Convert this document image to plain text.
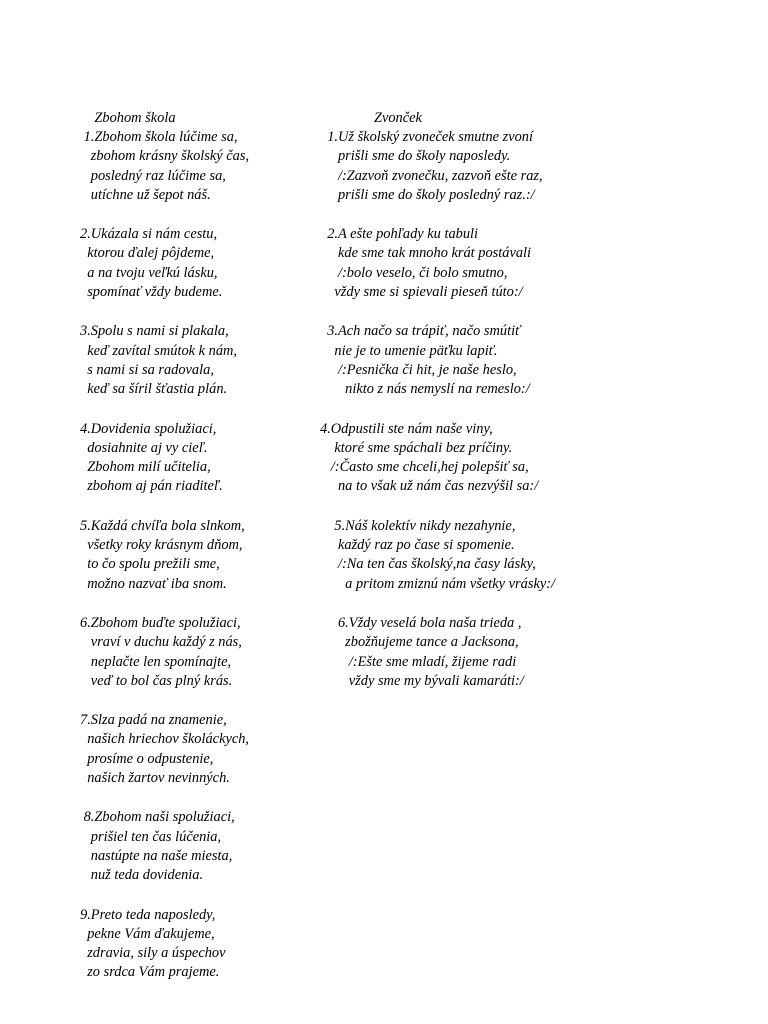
Zbohom škola
1.Zbohom škola lúčime sa,
zbohom krásny školský čas,
posledný raz lúčime sa,
utíchne už šepot náš.
2.Ukázala si nám cestu,
ktorou ďalej pôjdeme,
a na tvoju veľkú lásku,
spomínať vždy budeme.
3.Spolu s nami si plakala,
keď zavítal smútok k nám,
s nami si sa radovala,
keď sa šíril šťastia plán.
4.Dovidenia spolužiaci,
dosiahnite aj vy cieľ.
Zbohom milí učitelia,
zbohom aj pán riaditeľ.
5.Každá chvíľa bola slnkom,
všetky roky krásnym dňom,
to čo spolu prežili sme,
možno nazvať iba snom.
6.Zbohom buďte spolužiaci,
vraví v duchu každý z nás,
neplačte len spomínajte,
veď to bol čas plný krás.
7.Slza padá na znamenie,
našich hriechov školáckych,
prosíme o odpustenie,
našich žartov nevinných.
8.Zbohom naši spolužiaci,
prišiel ten čas lúčenia,
nastúpte na naše miesta,
nuž teda dovidenia.
9.Preto teda naposledy,
pekne Vám ďakujeme,
zdravia, sily a úspechov
zo srdca Vám prajeme.
Zvonček
1.Už školský zvoneček smutne zvoní
prišli sme do školy naposledy.
/:Zazvoň zvonečku, zazvoň ešte raz,
prišli sme do školy posledný raz.:/
2.A ešte pohľady ku tabuli
kde sme tak mnoho krát postávali
/:bolo veselo, či bolo smutno,
vždy sme si spievali pieseň túto:/
3.Ach načo sa trápiť, načo smútiť
nie je to umenie päťku lapiť.
/:Pesnička či hit, je naše heslo,
nikto z nás nemyslí na remeslo:/
4.Odpustili ste nám naše viny,
ktoré sme spáchali bez príčiny.
/:Často sme chceli,hej polepšiť sa,
na to však už nám čas nezvýšil sa:/
5.Náš kolektív nikdy nezahynie,
každý raz po čase si spomenie.
/:Na ten čas školský,na časy lásky,
a pritom zmiznú nám všetky vrásky:/
6.Vždy veselá bola naša trieda ,
zbožňujeme tance a Jacksona,
/:Ešte sme mladí, žijeme radi
vždy sme my bývali kamaráti:/
